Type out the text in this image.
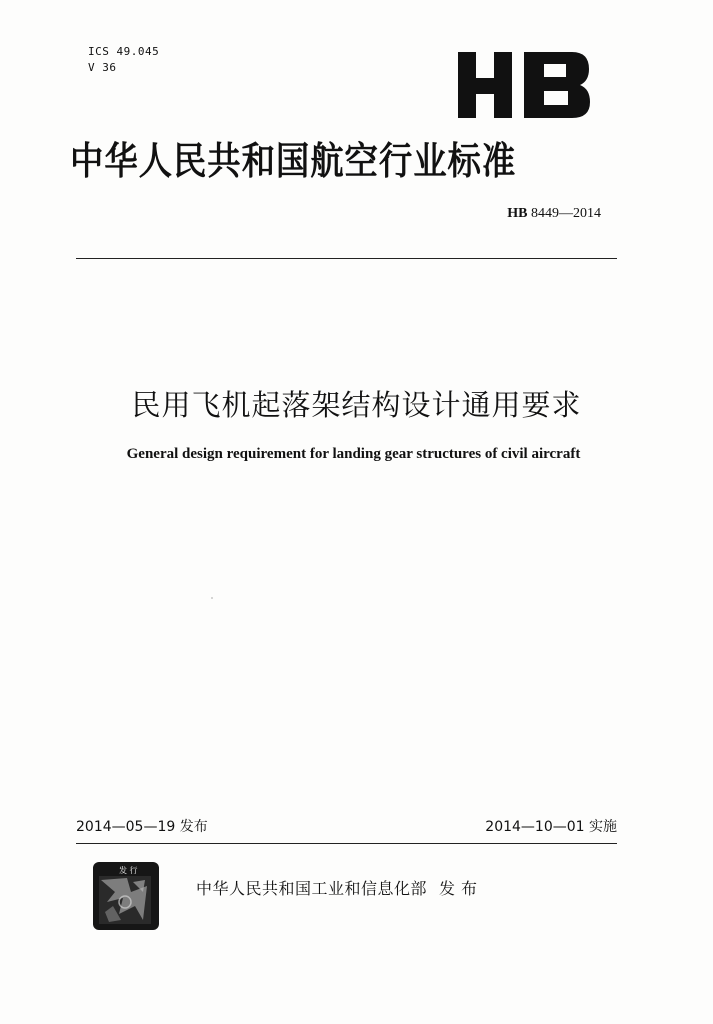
ICS 49.045
V 36
中华人民共和国航空行业标准
HB 8449—2014
民用飞机起落架结构设计通用要求
General design requirement for landing gear structures of civil aircraft
2014—05—19 发布	2014—10—01 实施
发 行
中华人民共和国工业和信息化部 发布
